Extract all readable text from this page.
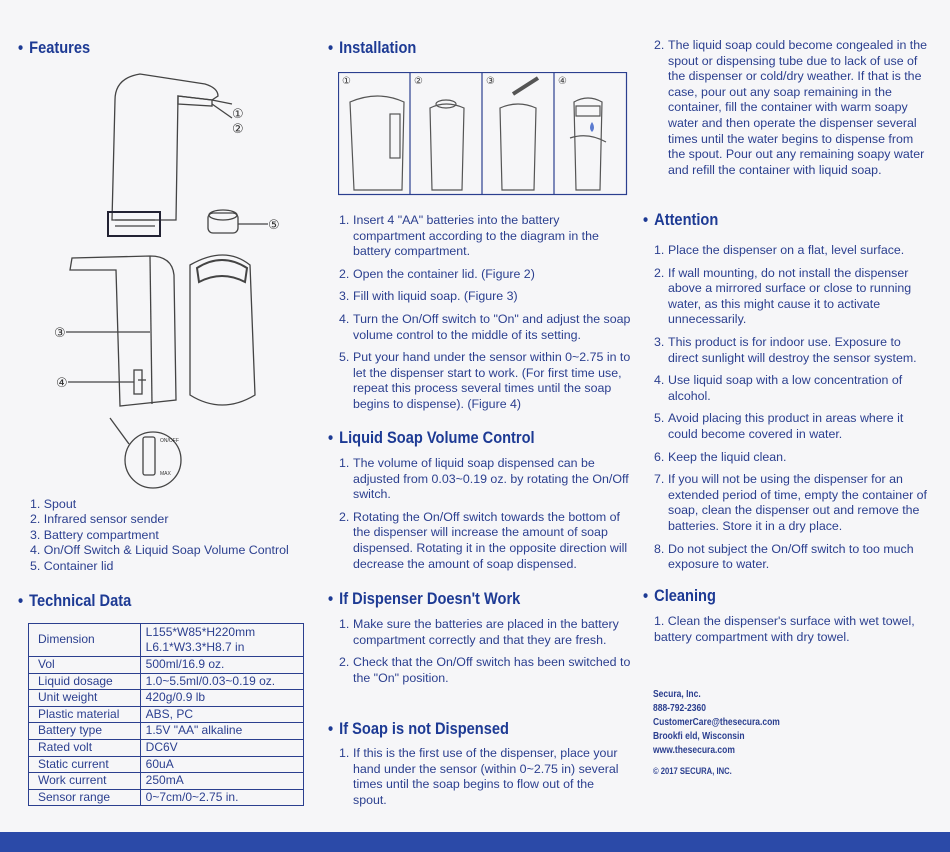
• Features
ON/OFF
MAX
①
②
⑤
③
④
1. Spout
2. Infrared sensor sender
3. Battery compartment
4. On/Off Switch & Liquid Soap Volume Control
5. Container lid
• Technical Data
Dimension	L155*W85*H220mm
L6.1*W3.3*H8.7 in

Vol	500ml/16.9 oz.
Liquid dosage	1.0~5.5ml/0.03~0.19 oz.
Unit weight	420g/0.9 lb
Plastic material	ABS, PC
Battery type	1.5V "AA" alkaline
Rated volt	DC6V
Static current	60uA
Work current	250mA
Sensor range	0~7cm/0~2.75 in.
• Installation
①	②	③	④
1. Insert 4 "AA" batteries into the battery compartment according to the diagram in the battery compartment.
2. Open the container lid. (Figure 2)
3. Fill with liquid soap. (Figure 3)
4. Turn the On/Off switch to "On" and adjust the soap volume control to the middle of its setting.
5. Put your hand under the sensor within 0~2.75 in to let the dispenser start to work. (For first time use, repeat this process several times until the soap begins to dispense). (Figure 4)
• Liquid Soap Volume Control
1. The volume of liquid soap dispensed can be adjusted from 0.03~0.19 oz. by rotating the On/Off switch.
2. Rotating the On/Off switch towards the bottom of the dispenser will increase the amount of soap dispensed. Rotating it in the opposite direction will decrease the amount of soap dispensed.
• If Dispenser Doesn't Work
1. Make sure the batteries are placed in the battery compartment correctly and that they are fresh.
2. Check that the On/Off switch has been switched to the "On" position.
• If Soap is not Dispensed
1. If this is the first use of the dispenser, place your hand under the sensor (within 0~2.75 in) several times until the soap begins to flow out of the spout.
2. The liquid soap could become congealed in the spout or dispensing tube due to lack of use of the dispenser or cold/dry weather. If that is the case, pour out any soap remaining in the container, fill the container with warm soapy water and then operate the dispenser several times until the water begins to dispense from the spout. Pour out any remaining soapy water and refill the container with liquid soap.
• Attention
1. Place the dispenser on a flat, level surface.
2. If wall mounting, do not install the dispenser above a mirrored surface or close to running water, as this might cause it to activate unnecessarily.
3. This product is for indoor use. Exposure to direct sunlight will destroy the sensor system.
4. Use liquid soap with a low concentration of alcohol.
5. Avoid placing this product in areas where it could become covered in water.
6. Keep the liquid clean.
7. If you will not be using the dispenser for an extended period of time, empty the container of soap, clean the dispenser out and remove the batteries. Store it in a dry place.
8. Do not subject the On/Off switch to too much exposure to water.
• Cleaning
1. Clean the dispenser's surface with wet towel, battery compartment with dry towel.
Secura, Inc.
888-792-2360
CustomerCare@thesecura.com
Brookfi eld, Wisconsin
www.thesecura.com
© 2017 SECURA, INC.
